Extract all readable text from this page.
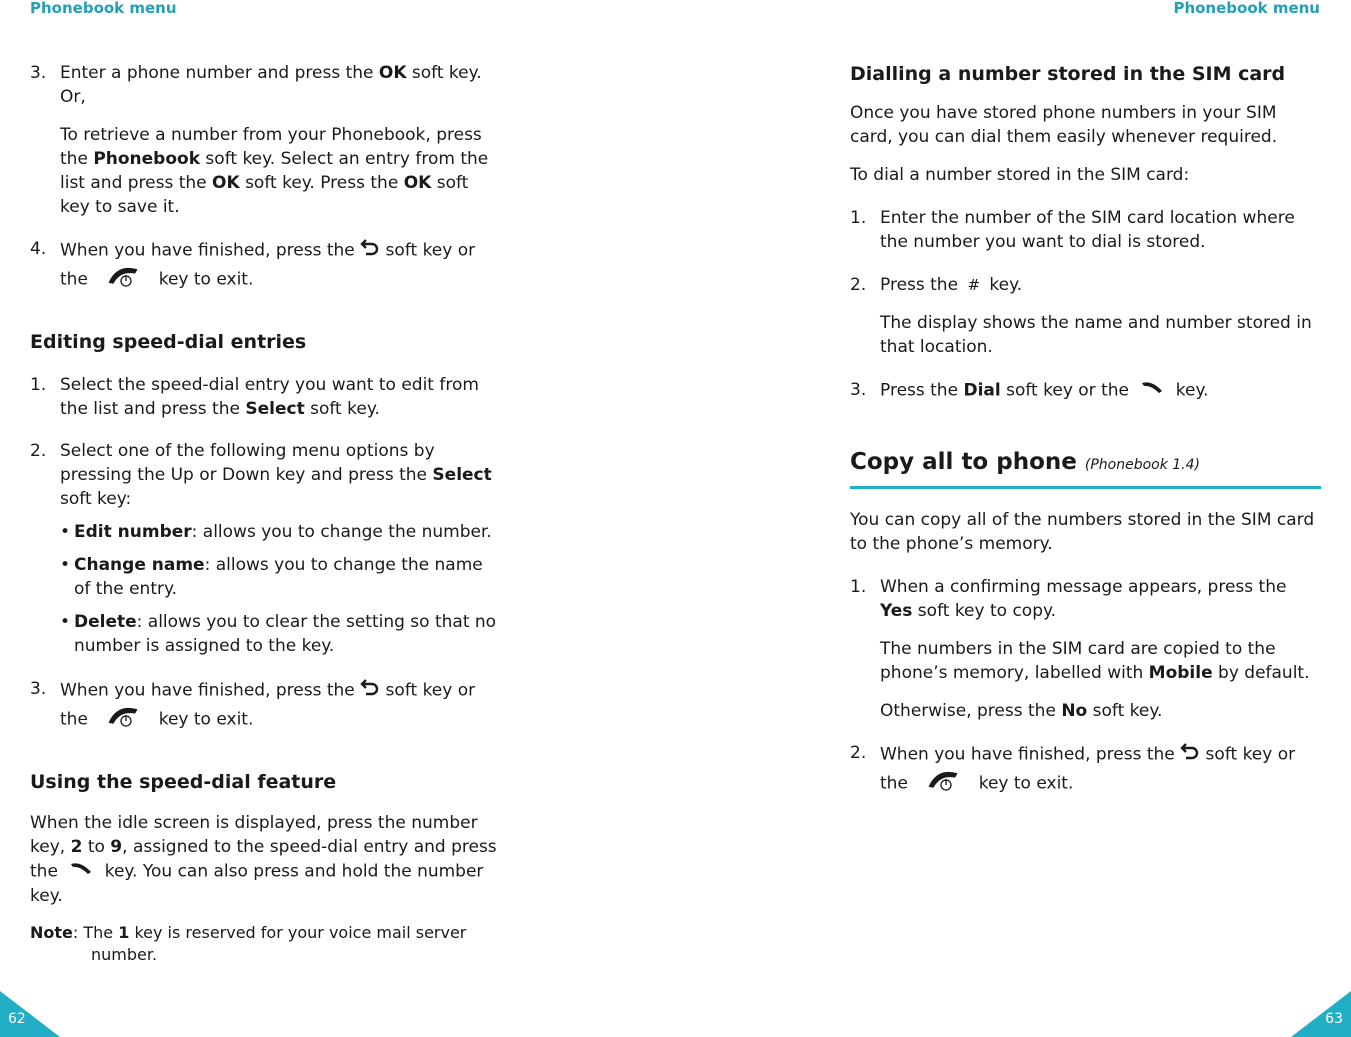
Phonebook menu

3. Enter a phone number and press the OK soft key. Or,

To retrieve a number from your Phonebook, press the Phonebook soft key. Select an entry from the list and press the OK soft key. Press the OK soft key to save it.

4. When you have finished, press the  soft key or the	key to exit.

Editing speed-dial entries

1. Select the speed-dial entry you want to edit from the list and press the Select soft key.

2. Select one of the following menu options by pressing the Up or Down key and press the Select soft key:

• Edit number: allows you to change the number.

• Change name: allows you to change the name of the entry.

• Delete: allows you to clear the setting so that no number is assigned to the key.

3. When you have finished, press the  soft key or the	key to exit.

Using the speed-dial feature

When the idle screen is displayed, press the number key, 2 to 9, assigned to the speed-dial entry and press the  key. You can also press and hold the number key.

Note: The 1 key is reserved for your voice mail server
number.

62
Phonebook menu
Dialling a number stored in the SIM card

Once you have stored phone numbers in your SIM card, you can dial them easily whenever required.

To dial a number stored in the SIM card:

1. Enter the number of the SIM card location where the number you want to dial is stored.

2. Press the # key.

The display shows the name and number stored in that location.

3. Press the Dial soft key or the  key.

Copy all to phone (Phonebook 1.4)

You can copy all of the numbers stored in the SIM card to the phone’s memory.

1. When a confirming message appears, press the Yes soft key to copy.

The numbers in the SIM card are copied to the phone’s memory, labelled with Mobile by default.

Otherwise, press the No soft key.

2. When you have finished, press the  soft key or the	key to exit.

63
